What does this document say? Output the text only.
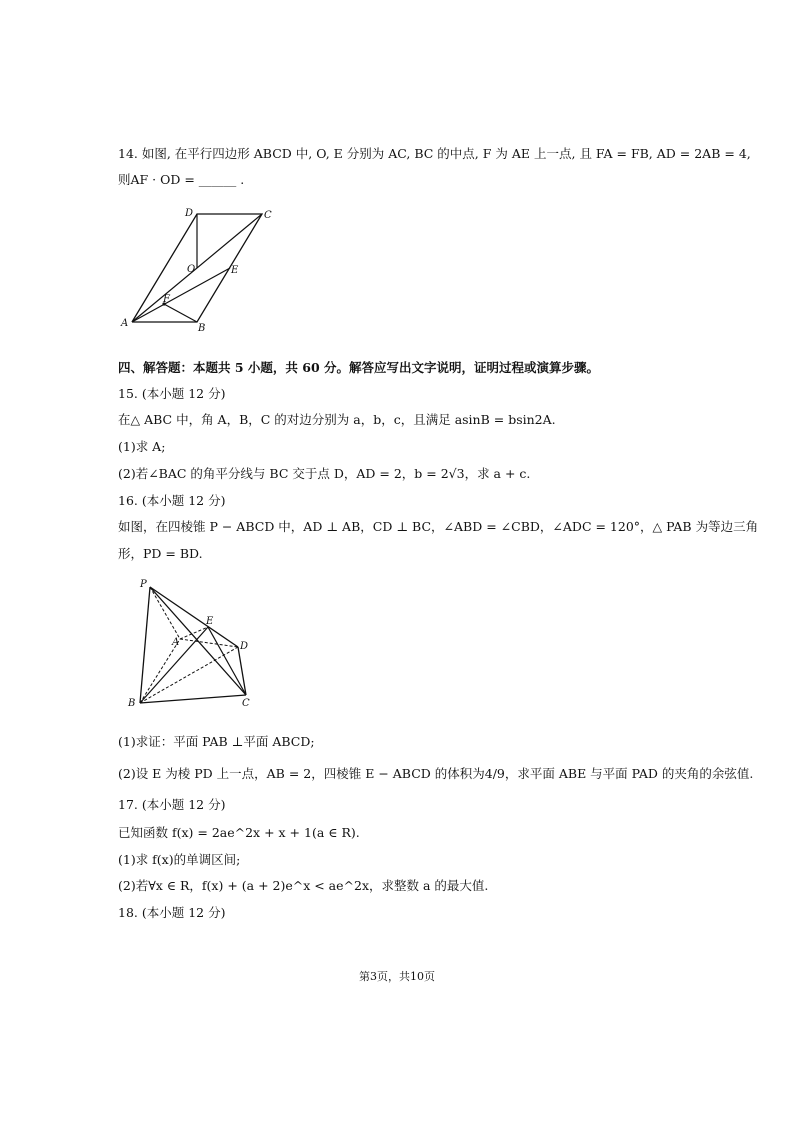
14. 如图, 在平行四边形 ABCD 中, O, E 分别为 AC, BC 的中点, F 为 AE 上一点, 且 FA = FB, AD = 2AB = 4,
则AF · OD = ______ .
D	C
O	E
F
A	B
四、解答题：本题共 5 小题，共 60 分。解答应写出文字说明，证明过程或演算步骤。
15. (本小题 12 分)
在△ ABC 中，角 A，B，C 的对边分别为 a，b，c，且满足 asinB = bsin2A.
(1)求 A;
(2)若∠BAC 的角平分线与 BC 交于点 D，AD = 2，b = 2√3，求 a + c.
16. (本小题 12 分)
如图，在四棱锥 P − ABCD 中，AD ⊥ AB，CD ⊥ BC，∠ABD = ∠CBD，∠ADC = 120°，△ PAB 为等边三角
形，PD = BD.
P
E
A	D
B	C
(1)求证：平面 PAB ⊥平面 ABCD;
(2)设 E 为棱 PD 上一点，AB = 2，四棱锥 E − ABCD 的体积为4/9，求平面 ABE 与平面 PAD 的夹角的余弦值.
17. (本小题 12 分)
已知函数 f(x) = 2ae^2x + x + 1(a ∈ R).
(1)求 f(x)的单调区间;
(2)若∀x ∈ R，f(x) + (a + 2)e^x < ae^2x，求整数 a 的最大值.
18. (本小题 12 分)
第3页，共10页
